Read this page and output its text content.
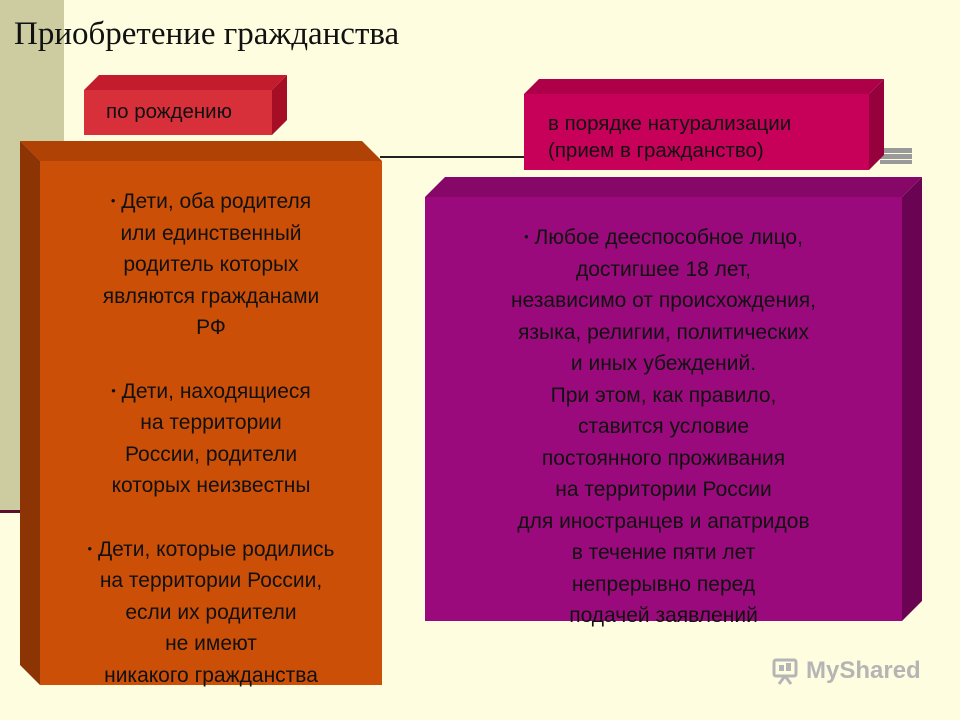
Приобретение гражданства
по рождению
в порядке натурализации
(прием в гражданство)
• Дети, оба родителя
или единственный
родитель которых
являются гражданами
РФ
• Дети, находящиеся
на территории
России, родители
которых неизвестны
• Дети, которые родились
на территории России,
если их родители
не имеют
никакого гражданства
• Любое дееспособное лицо,
достигшее 18 лет,
независимо от происхождения,
языка, религии, политических
и иных убеждений.
При этом, как правило,
ставится условие
постоянного проживания
на территории России
для иностранцев и апатридов
в течение пяти лет
непрерывно перед
подачей заявлений
MyShared
